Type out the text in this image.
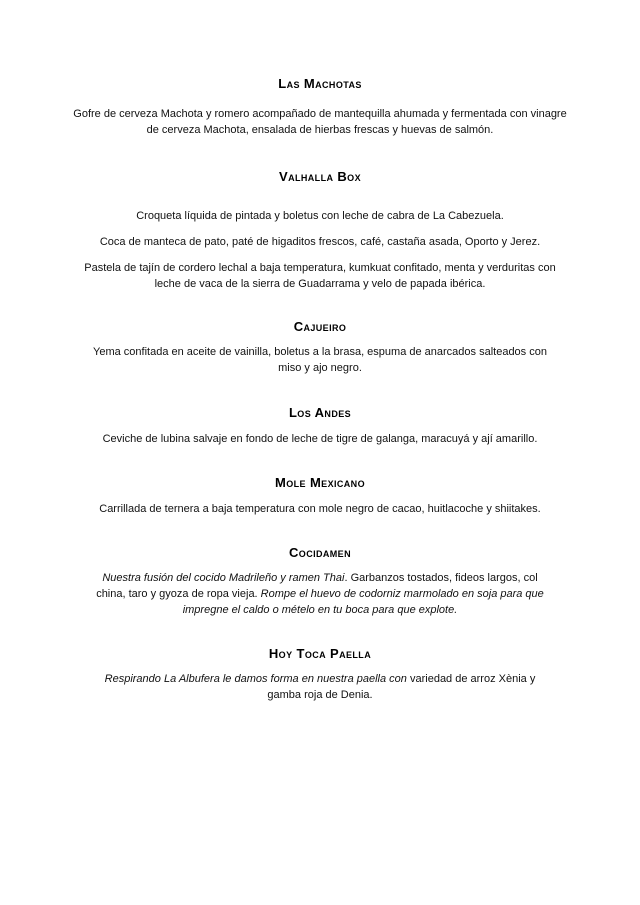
Las Machotas

Gofre de cerveza Machota y romero acompañado de mantequilla ahumada y fermentada con vinagre de cerveza Machota, ensalada de hierbas frescas y huevas de salmón.

Valhalla Box

Croqueta líquida de pintada y boletus con leche de cabra de La Cabezuela.

Coca de manteca de pato, paté de higaditos frescos, café, castaña asada, Oporto y Jerez.

Pastela de tajín de cordero lechal a baja temperatura, kumkuat confitado, menta y verduritas con leche de vaca de la sierra de Guadarrama y velo de papada ibérica.

Cajueiro

Yema confitada en aceite de vainilla, boletus a la brasa, espuma de anarcados salteados con miso y ajo negro.

Los Andes

Ceviche de lubina salvaje en fondo de leche de tigre de galanga, maracuyá y ají amarillo.

Mole Mexicano

Carrillada de ternera a baja temperatura con mole negro de cacao, huitlacoche y shiitakes.

Cocidamen

Nuestra fusión del cocido Madrileño y ramen Thai. Garbanzos tostados, fideos largos, col china, taro y gyoza de ropa vieja. Rompe el huevo de codorniz marmolado en soja para que impregne el caldo o mételo en tu boca para que explote.

Hoy Toca Paella

Respirando La Albufera le damos forma en nuestra paella con variedad de arroz Xènia y gamba roja de Denia.
